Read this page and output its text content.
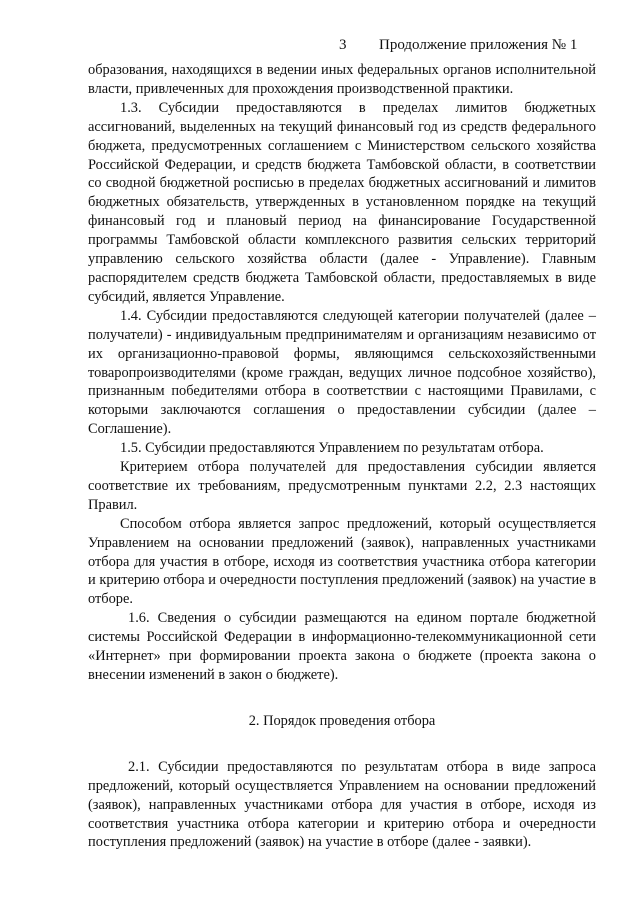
3 Продолжение приложения № 1

образования, находящихся в ведении иных федеральных органов исполнительной власти, привлеченных для прохождения производственной практики.

1.3. Субсидии предоставляются в пределах лимитов бюджетных ассигнований, выделенных на текущий финансовый год из средств федерального бюджета, предусмотренных соглашением с Министерством сельского хозяйства Российской Федерации, и средств бюджета Тамбовской области, в соответствии со сводной бюджетной росписью в пределах бюджетных ассигнований и лимитов бюджетных обязательств, утвержденных в установленном порядке на текущий финансовый год и плановый период на финансирование Государственной программы Тамбовской области комплексного развития сельских территорий управлению сельского хозяйства области (далее - Управление). Главным распорядителем средств бюджета Тамбовской области, предоставляемых в виде субсидий, является Управление.

1.4. Субсидии предоставляются следующей категории получателей (далее – получатели) - индивидуальным предпринимателям и организациям независимо от их организационно-правовой формы, являющимся сельскохозяйственными товаропроизводителями (кроме граждан, ведущих личное подсобное хозяйство), признанным победителями отбора в соответствии с настоящими Правилами, с которыми заключаются соглашения о предоставлении субсидии (далее – Соглашение).

1.5. Субсидии предоставляются Управлением по результатам отбора.

Критерием отбора получателей для предоставления субсидии является соответствие их требованиям, предусмотренным пунктами 2.2, 2.3 настоящих Правил.

Способом отбора является запрос предложений, который осуществляется Управлением на основании предложений (заявок), направленных участниками отбора для участия в отборе, исходя из соответствия участника отбора категории и критерию отбора и очередности поступления предложений (заявок) на участие в отборе.

1.6. Сведения о субсидии размещаются на едином портале бюджетной системы Российской Федерации в информационно-телекоммуникационной сети «Интернет» при формировании проекта закона о бюджете (проекта закона о внесении изменений в закон о бюджете).

2. Порядок проведения отбора

2.1. Субсидии предоставляются по результатам отбора в виде запроса предложений, который осуществляется Управлением на основании предложений (заявок), направленных участниками отбора для участия в отборе, исходя из соответствия участника отбора категории и критерию отбора и очередности поступления предложений (заявок) на участие в отборе (далее - заявки).
